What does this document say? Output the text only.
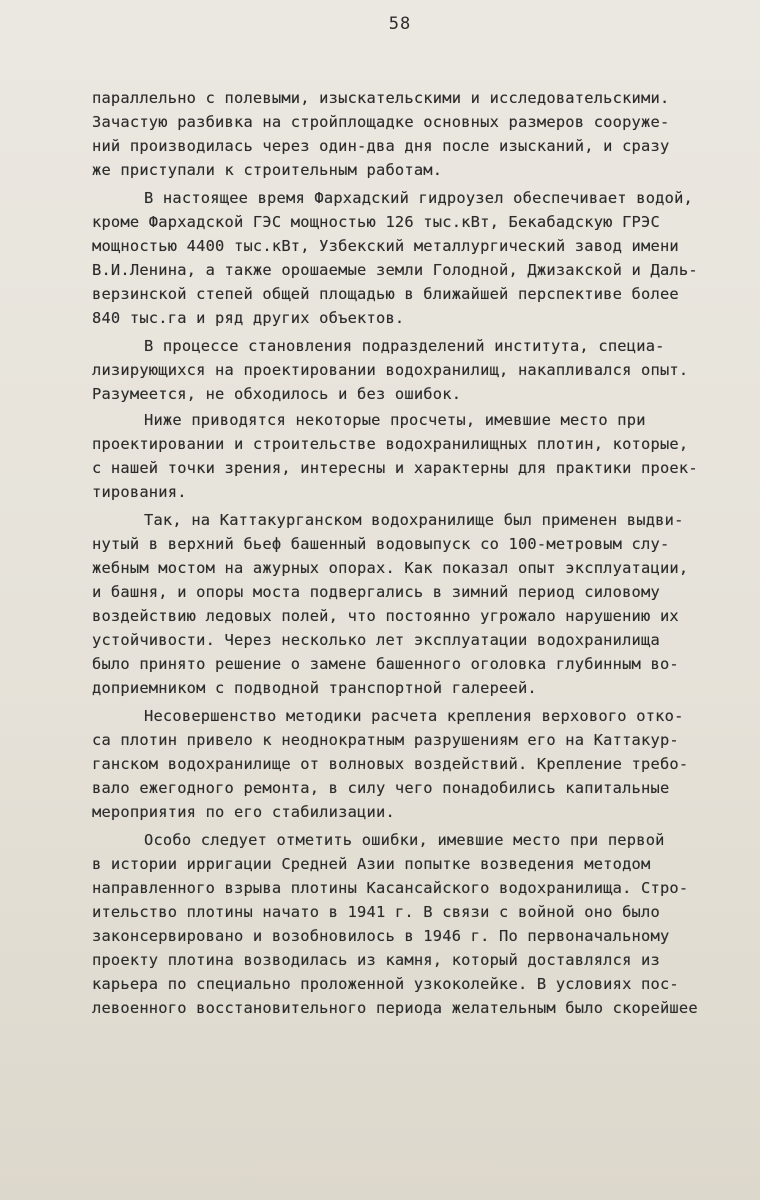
58
параллельно с полевыми, изыскательскими и исследовательскими.
Зачастую разбивка на стройплощадке основных размеров сооруже-
ний производилась через один-два дня после изысканий, и сразу
же приступали к строительным работам.
В настоящее время Фархадский гидроузел обеспечивает водой,
кроме Фархадской ГЭС мощностью 126 тыс.кВт, Бекабадскую ГРЭС
мощностью 4400 тыс.кВт, Узбекский металлургический завод имени
В.И.Ленина, а также орошаемые земли Голодной, Джизакской и Даль-
верзинской степей общей площадью в ближайшей перспективе более
840 тыс.га и ряд других объектов.
В процессе становления подразделений института, специа-
лизирующихся на проектировании водохранилищ, накапливался опыт.
Разумеется, не обходилось и без ошибок.
Ниже приводятся некоторые просчеты, имевшие место при
проектировании и строительстве водохранилищных плотин, которые,
с нашей точки зрения, интересны и характерны для практики проек-
тирования.
Так, на Каттакурганском водохранилище был применен выдви-
нутый в верхний бьеф башенный водовыпуск со 100-метровым слу-
жебным мостом на ажурных опорах. Как показал опыт эксплуатации,
и башня, и опоры моста подвергались в зимний период силовому
воздействию ледовых полей, что постоянно угрожало нарушению их
устойчивости. Через несколько лет эксплуатации водохранилища
было принято решение о замене башенного оголовка глубинным во-
доприемником с подводной транспортной галереей.
Несовершенство методики расчета крепления верхового отко-
са плотин привело к неоднократным разрушениям его на Каттакур-
ганском водохранилище от волновых воздействий. Крепление требо-
вало ежегодного ремонта, в силу чего понадобились капитальные
мероприятия по его стабилизации.
Особо следует отметить ошибки, имевшие место при первой
в истории ирригации Средней Азии попытке возведения методом
направленного взрыва плотины Касансайского водохранилища. Стро-
ительство плотины начато в 1941 г. В связи с войной оно было
законсервировано и возобновилось в 1946 г. По первоначальному
проекту плотина возводилась из камня, который доставлялся из
карьера по специально проложенной узкоколейке. В условиях пос-
левоенного восстановительного периода желательным было скорейшее
